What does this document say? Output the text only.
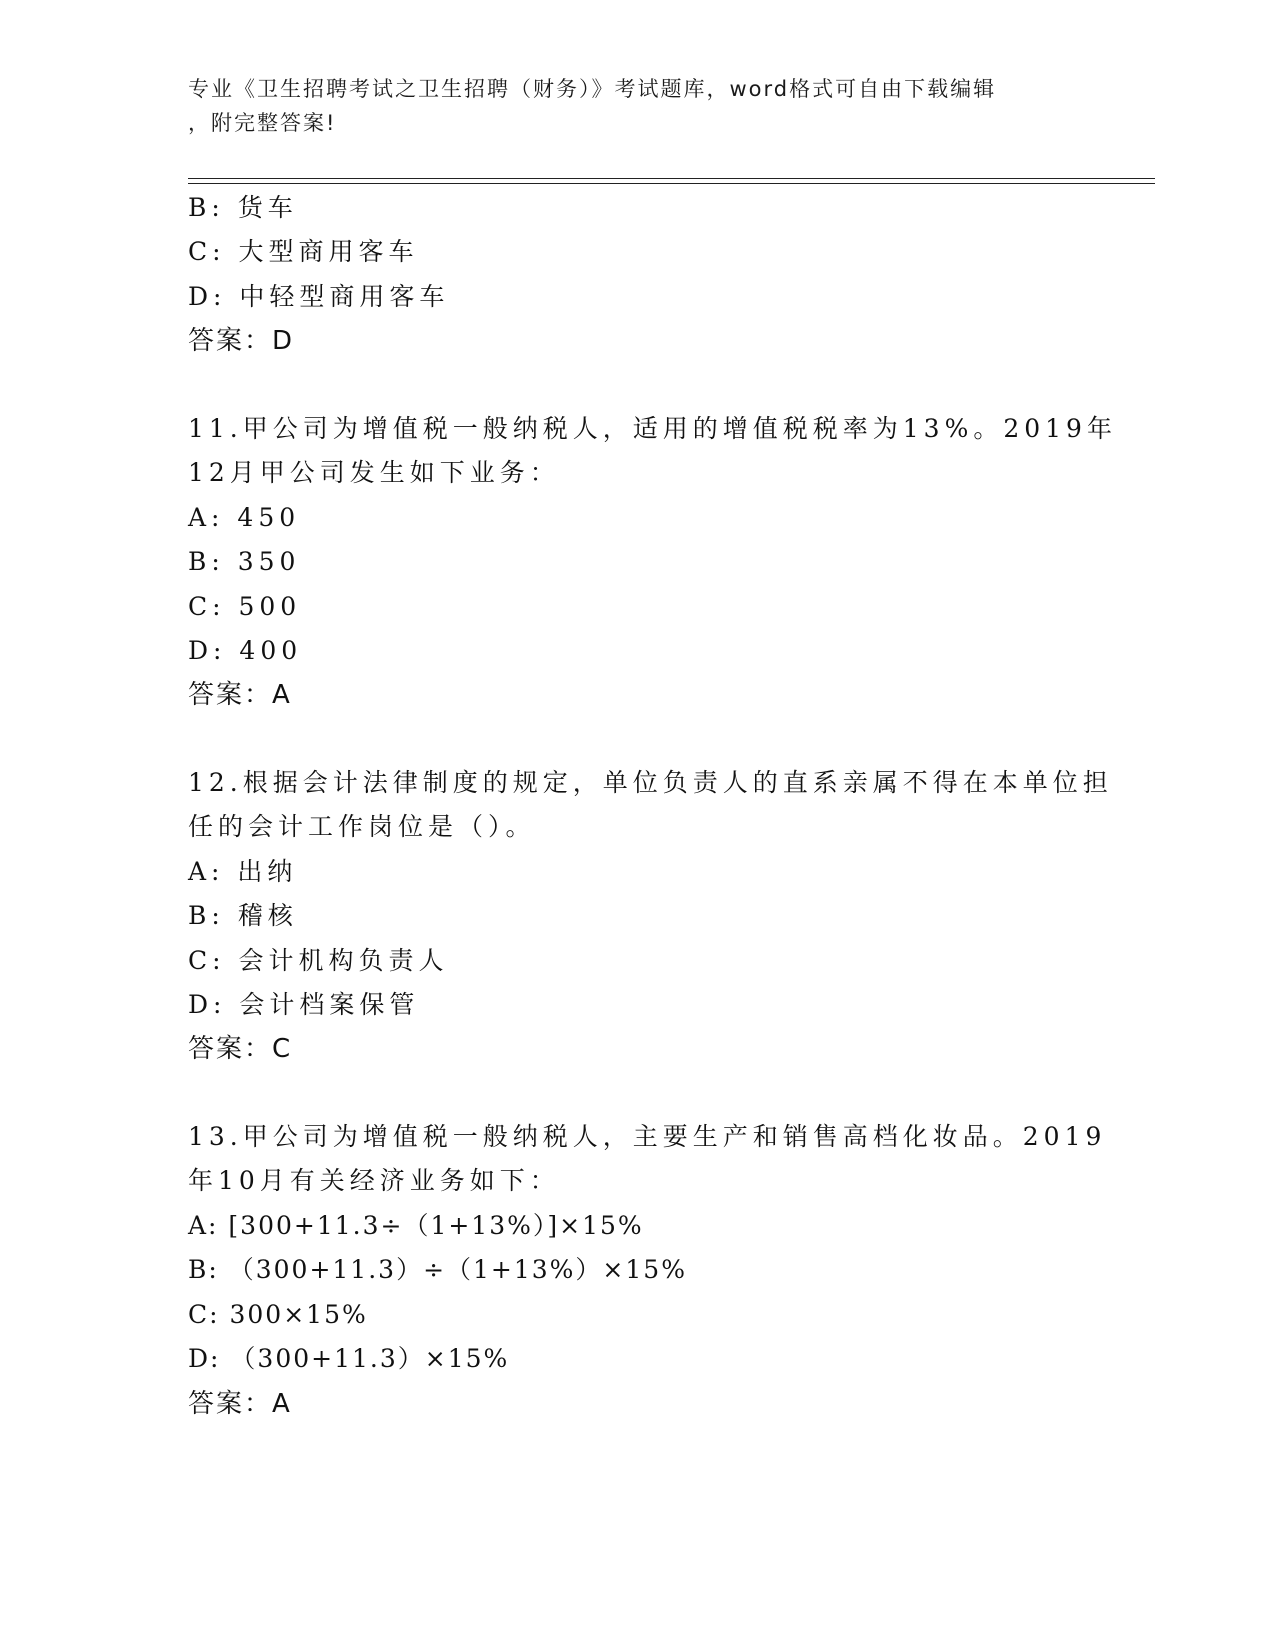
专业《卫生招聘考试之卫生招聘（财务）》考试题库，word格式可自由下载编辑
，附完整答案!
B: 货车
C: 大型商用客车
D: 中轻型商用客车
答案：D
11.甲公司为增值税一般纳税人，适用的增值税税率为13%。2019年
12月甲公司发生如下业务：
A: 450
B: 350
C: 500
D: 400
答案：A
12.根据会计法律制度的规定，单位负责人的直系亲属不得在本单位担
任的会计工作岗位是（）。
A: 出纳
B: 稽核
C: 会计机构负责人
D: 会计档案保管
答案：C
13.甲公司为增值税一般纳税人，主要生产和销售高档化妆品。2019
年10月有关经济业务如下：
A: [300+11.3÷（1+13%）]×15%
B: （300+11.3）÷（1+13%）×15%
C: 300×15%
D: （300+11.3）×15%
答案：A
